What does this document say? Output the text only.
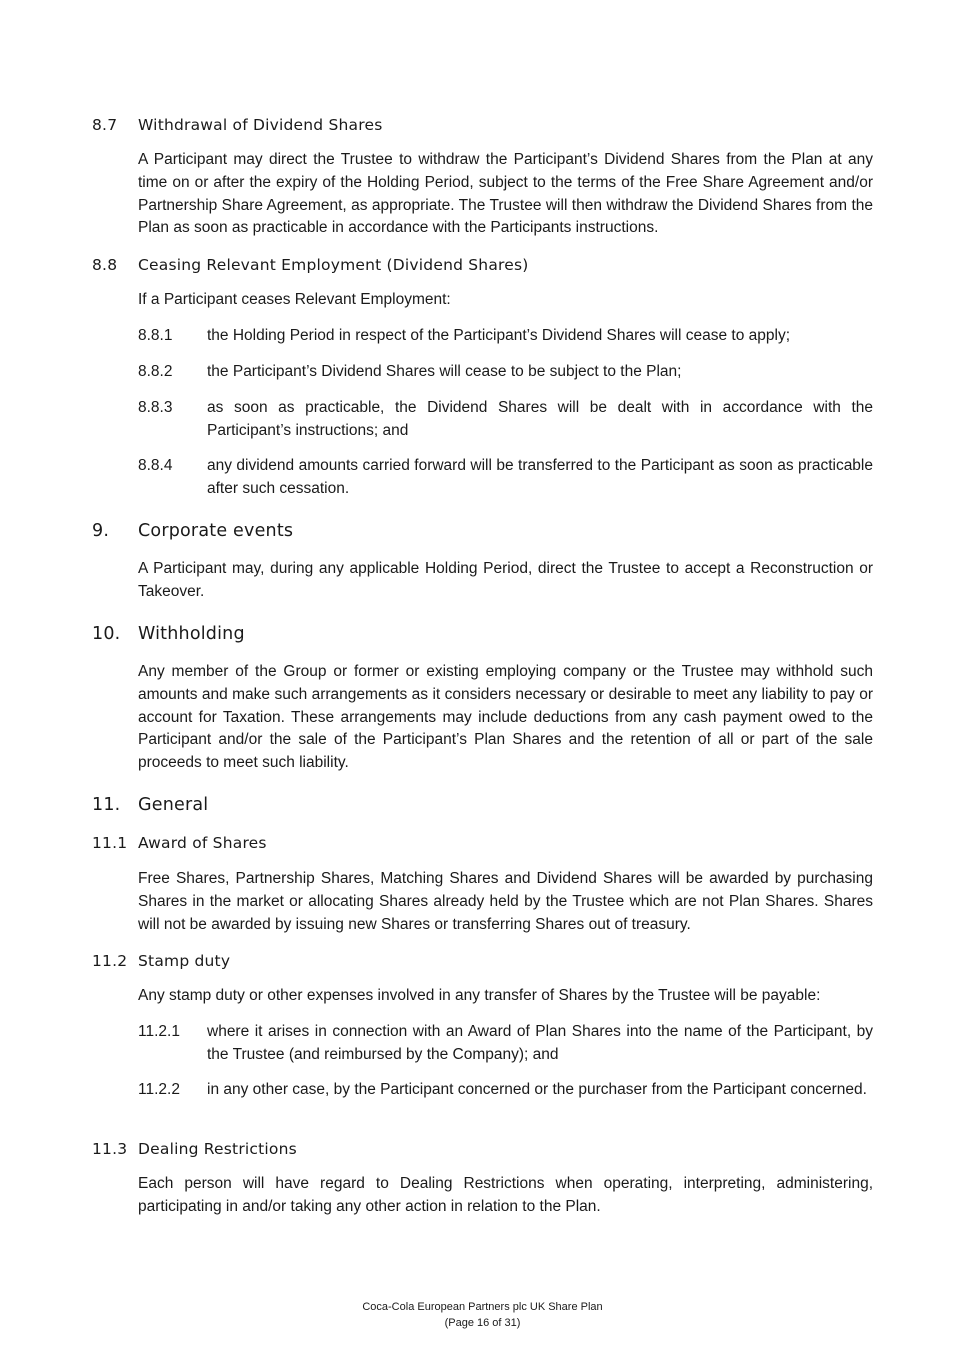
8.7 Withdrawal of Dividend Shares
A Participant may direct the Trustee to withdraw the Participant’s Dividend Shares from the Plan at any time on or after the expiry of the Holding Period, subject to the terms of the Free Share Agreement and/or Partnership Share Agreement, as appropriate. The Trustee will then withdraw the Dividend Shares from the Plan as soon as practicable in accordance with the Participants instructions.
8.8 Ceasing Relevant Employment (Dividend Shares)
If a Participant ceases Relevant Employment:
8.8.1 the Holding Period in respect of the Participant’s Dividend Shares will cease to apply;
8.8.2 the Participant’s Dividend Shares will cease to be subject to the Plan;
8.8.3 as soon as practicable, the Dividend Shares will be dealt with in accordance with the Participant’s instructions; and
8.8.4 any dividend amounts carried forward will be transferred to the Participant as soon as practicable after such cessation.
9. Corporate events
A Participant may, during any applicable Holding Period, direct the Trustee to accept a Reconstruction or Takeover.
10. Withholding
Any member of the Group or former or existing employing company or the Trustee may withhold such amounts and make such arrangements as it considers necessary or desirable to meet any liability to pay or account for Taxation. These arrangements may include deductions from any cash payment owed to the Participant and/or the sale of the Participant’s Plan Shares and the retention of all or part of the sale proceeds to meet such liability.
11. General
11.1 Award of Shares
Free Shares, Partnership Shares, Matching Shares and Dividend Shares will be awarded by purchasing Shares in the market or allocating Shares already held by the Trustee which are not Plan Shares. Shares will not be awarded by issuing new Shares or transferring Shares out of treasury.
11.2 Stamp duty
Any stamp duty or other expenses involved in any transfer of Shares by the Trustee will be payable:
11.2.1 where it arises in connection with an Award of Plan Shares into the name of the Participant, by the Trustee (and reimbursed by the Company); and
11.2.2 in any other case, by the Participant concerned or the purchaser from the Participant concerned.
11.3 Dealing Restrictions
Each person will have regard to Dealing Restrictions when operating, interpreting, administering, participating in and/or taking any other action in relation to the Plan.
Coca-Cola European Partners plc UK Share Plan
(Page 16 of 31)
